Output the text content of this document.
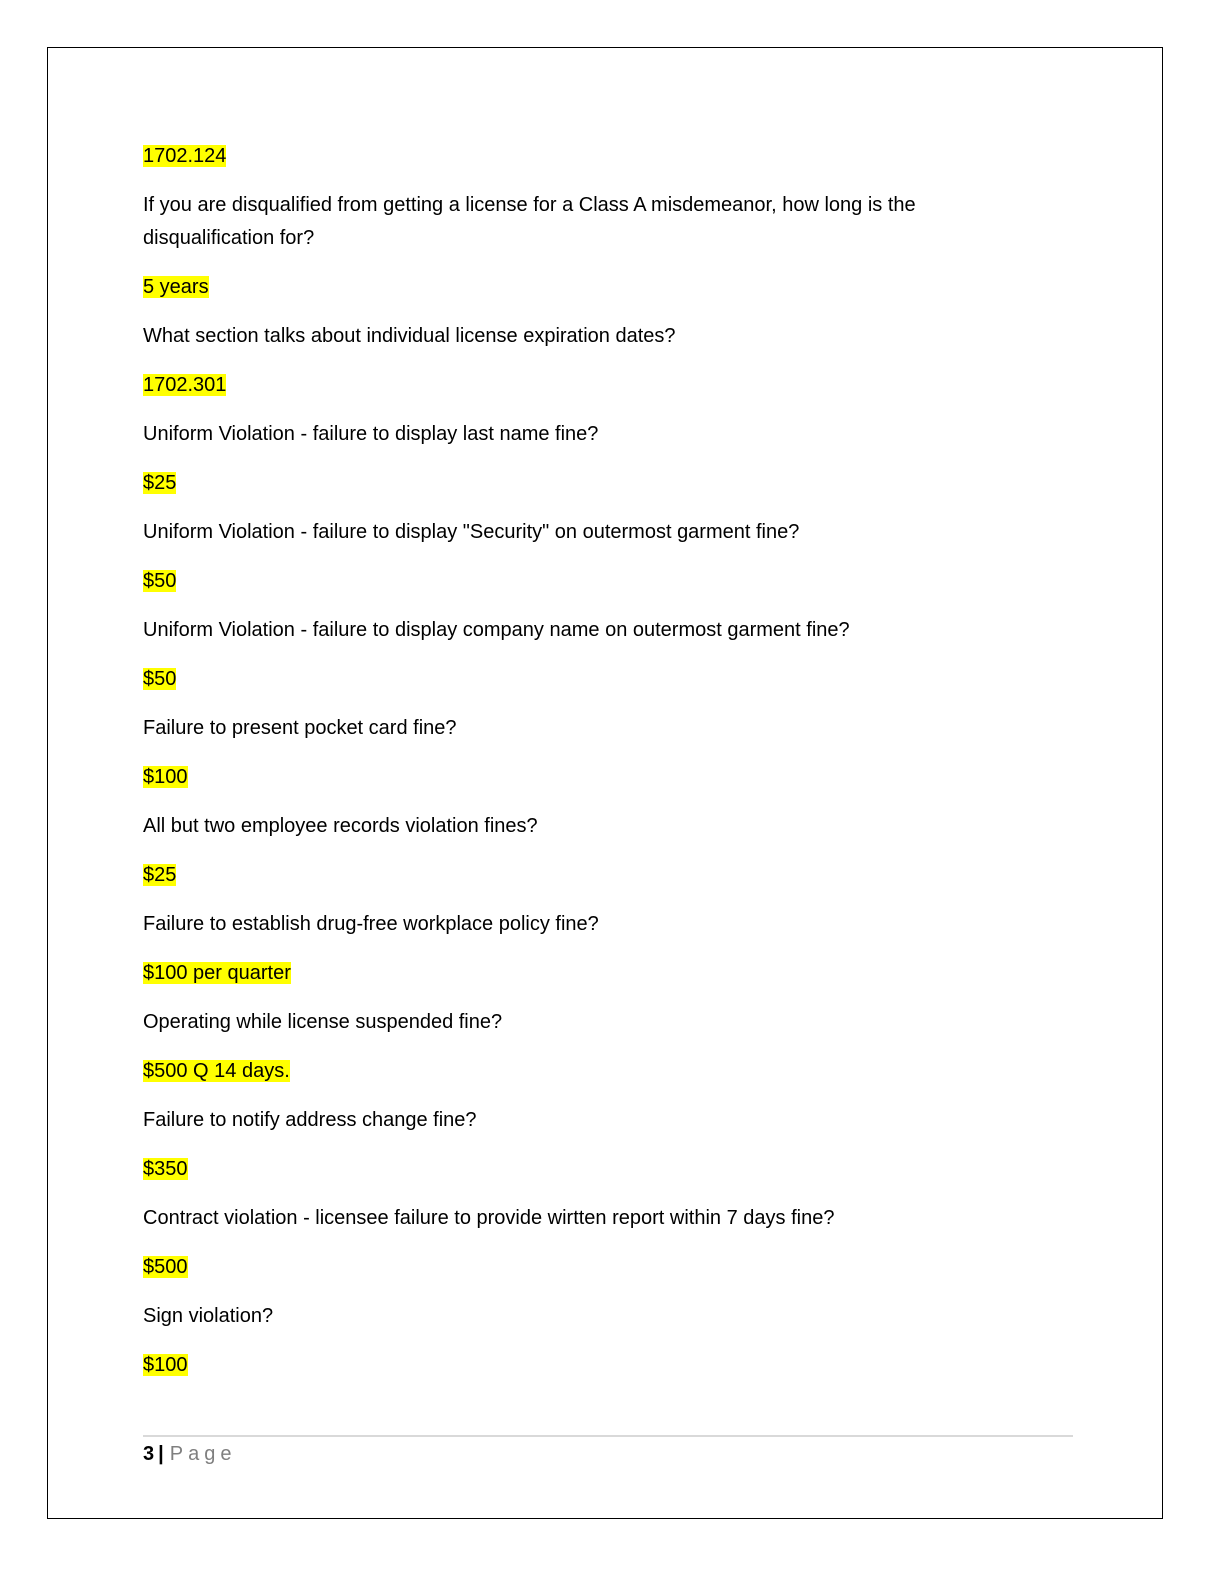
1702.124
If you are disqualified from getting a license for a Class A misdemeanor, how long is the disqualification for?
5 years
What section talks about individual license expiration dates?
1702.301
Uniform Violation - failure to display last name fine?
$25
Uniform Violation - failure to display "Security" on outermost garment fine?
$50
Uniform Violation - failure to display company name on outermost garment fine?
$50
Failure to present pocket card fine?
$100
All but two employee records violation fines?
$25
Failure to establish drug-free workplace policy fine?
$100 per quarter
Operating while license suspended fine?
$500 Q 14 days.
Failure to notify address change fine?
$350
Contract violation - licensee failure to provide wirtten report within 7 days fine?
$500
Sign violation?
$100
3 | Page
